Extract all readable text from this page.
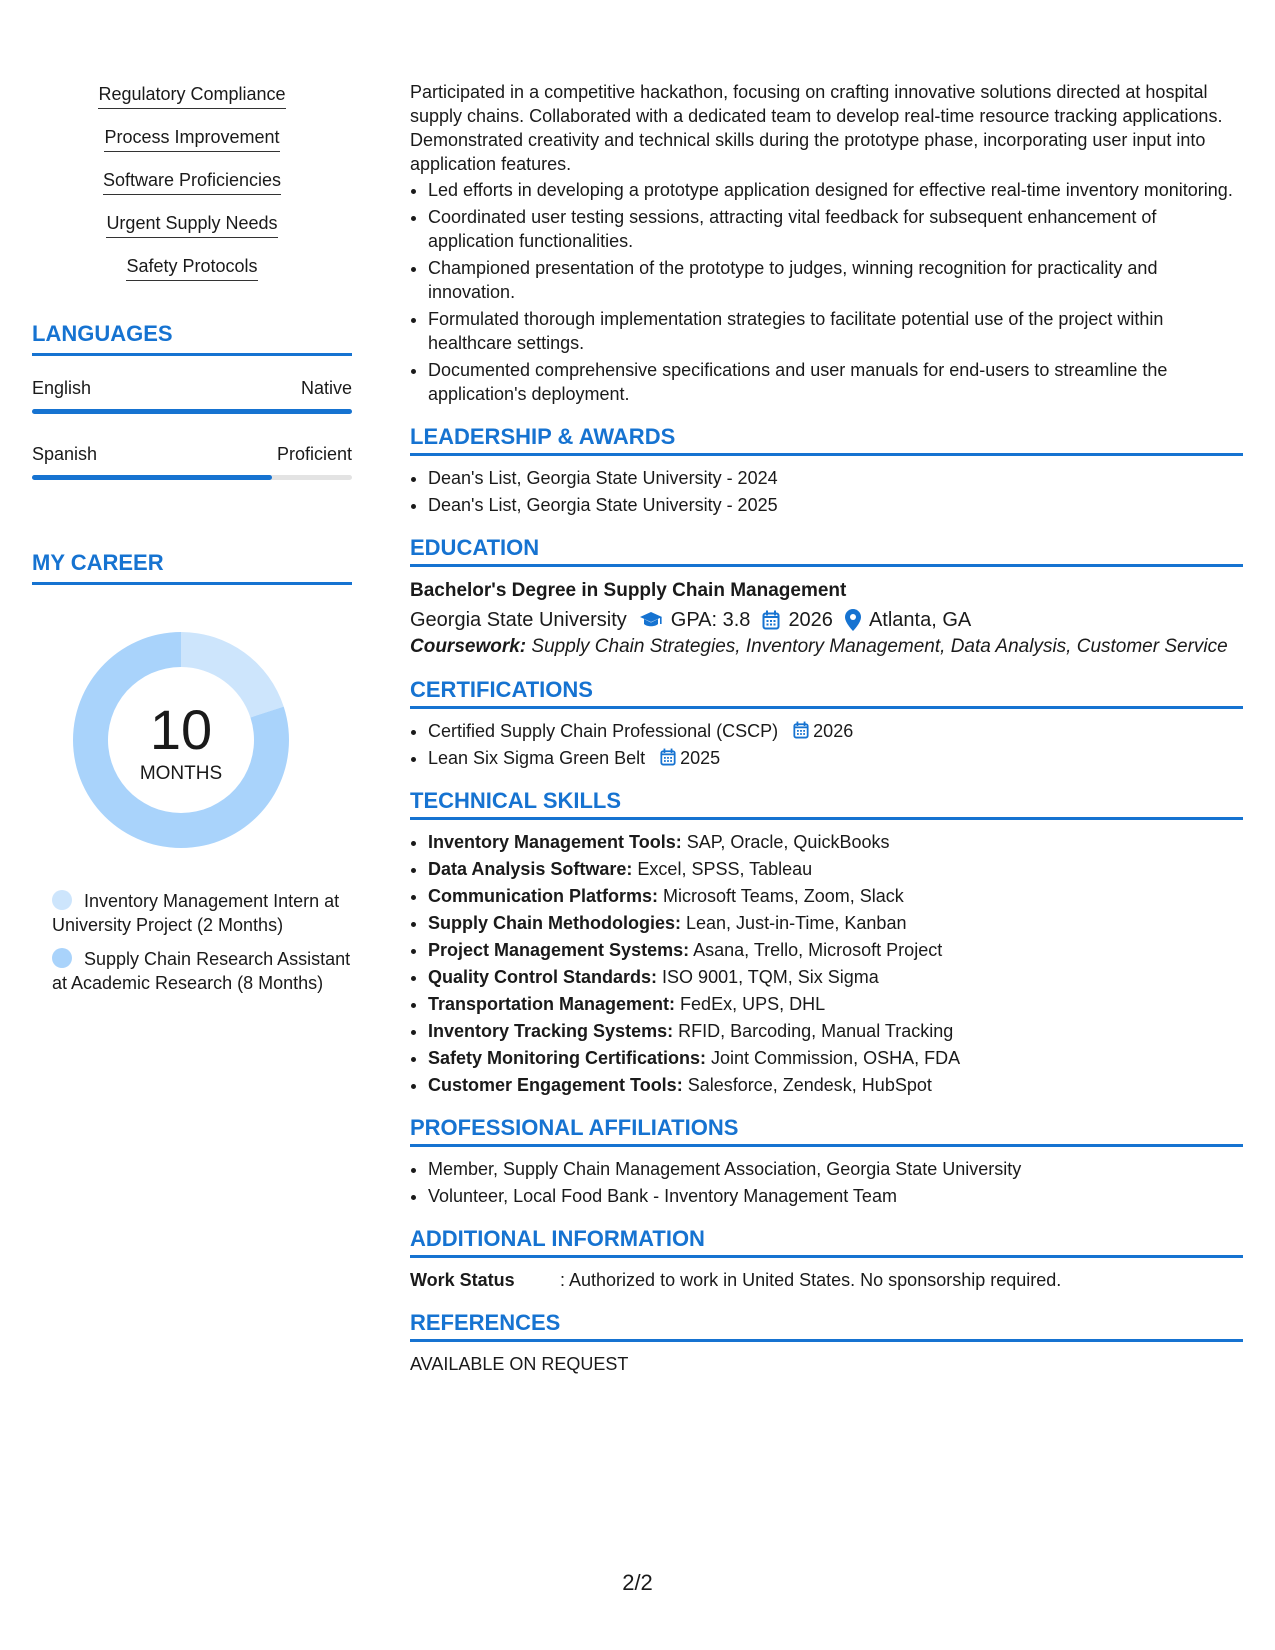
Regulatory Compliance
Process Improvement
Software Proficiencies
Urgent Supply Needs
Safety Protocols
LANGUAGES
English	Native
Spanish	Proficient
MY CAREER
10
MONTHS
Inventory Management Intern at University Project (2 Months)
Supply Chain Research Assistant at Academic Research (8 Months)

Participated in a competitive hackathon, focusing on crafting innovative solutions directed at hospital supply chains. Collaborated with a dedicated team to develop real-time resource tracking applications. Demonstrated creativity and technical skills during the prototype phase, incorporating user input into application features.

• Led efforts in developing a prototype application designed for effective real-time inventory monitoring.
• Coordinated user testing sessions, attracting vital feedback for subsequent enhancement of application functionalities.
• Championed presentation of the prototype to judges, winning recognition for practicality and innovation.
• Formulated thorough implementation strategies to facilitate potential use of the project within healthcare settings.
• Documented comprehensive specifications and user manuals for end-users to streamline the application's deployment.
LEADERSHIP & AWARDS
• Dean's List, Georgia State University - 2024
• Dean's List, Georgia State University - 2025
EDUCATION
Bachelor's Degree in Supply Chain Management
Georgia State University GPA: 3.8 2026 Atlanta, GA
Coursework: Supply Chain Strategies, Inventory Management, Data Analysis, Customer Service
CERTIFICATIONS
• Certified Supply Chain Professional (CSCP) 2026
• Lean Six Sigma Green Belt 2025
TECHNICAL SKILLS
• Inventory Management Tools: SAP, Oracle, QuickBooks
• Data Analysis Software: Excel, SPSS, Tableau
• Communication Platforms: Microsoft Teams, Zoom, Slack
• Supply Chain Methodologies: Lean, Just-in-Time, Kanban
• Project Management Systems: Asana, Trello, Microsoft Project
• Quality Control Standards: ISO 9001, TQM, Six Sigma
• Transportation Management: FedEx, UPS, DHL
• Inventory Tracking Systems: RFID, Barcoding, Manual Tracking
• Safety Monitoring Certifications: Joint Commission, OSHA, FDA
• Customer Engagement Tools: Salesforce, Zendesk, HubSpot
PROFESSIONAL AFFILIATIONS
• Member, Supply Chain Management Association, Georgia State University
• Volunteer, Local Food Bank - Inventory Management Team
ADDITIONAL INFORMATION
Work Status	: Authorized to work in United States. No sponsorship required.
REFERENCES
AVAILABLE ON REQUEST
2/2
